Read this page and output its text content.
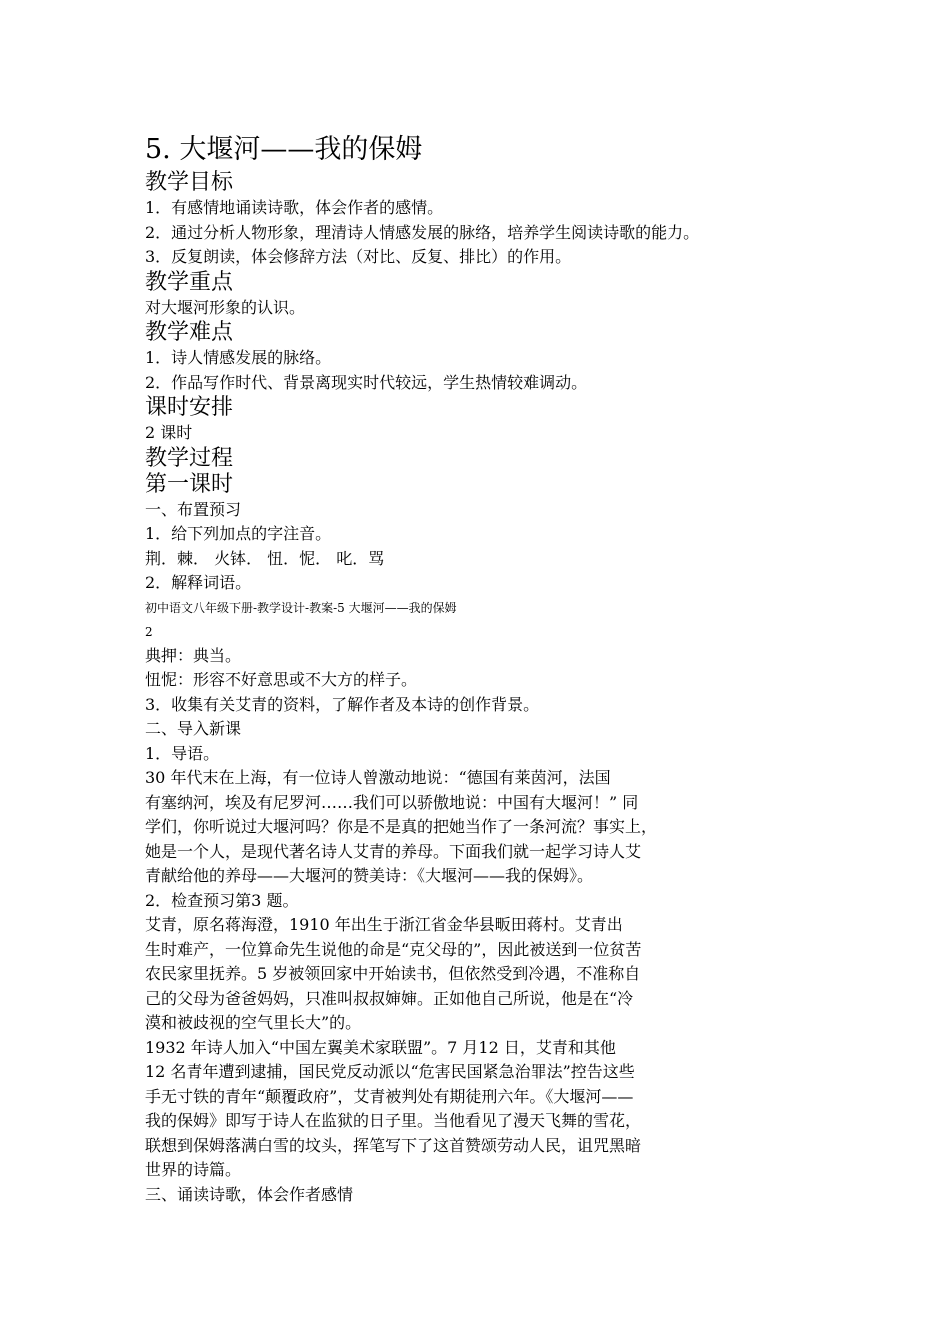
5. 大堰河——我的保姆
教学目标

1．有感情地诵读诗歌，体会作者的感情。

2．通过分析人物形象，理清诗人情感发展的脉络，培养学生阅读诗歌的能力。

3．反复朗读，体会修辞方法（对比、反复、排比）的作用。

教学重点

对大堰河形象的认识。

教学难点

1．诗人情感发展的脉络。

2．作品写作时代、背景离现实时代较远，学生热情较难调动。

课时安排

2 课时

教学过程
第一课时

一、布置预习

1．给下列加点的字注音。

荆．棘． 火钵． 忸．怩． 叱．骂

2．解释词语。

初中语文八年级下册-教学设计-教案-5 大堰河——我的保姆

2

典押：典当。

忸怩：形容不好意思或不大方的样子。

3．收集有关艾青的资料，了解作者及本诗的创作背景。

二、导入新课

1．导语。

30 年代末在上海，有一位诗人曾激动地说：“德国有莱茵河，法国

有塞纳河，埃及有尼罗河……我们可以骄傲地说：中国有大堰河！” 同

学们，你听说过大堰河吗？你是不是真的把她当作了一条河流？事实上，

她是一个人，是现代著名诗人艾青的养母。下面我们就一起学习诗人艾

青献给他的养母——大堰河的赞美诗：《大堰河——我的保姆》。

2．检查预习第3 题。

艾青，原名蒋海澄，1910 年出生于浙江省金华县畈田蒋村。艾青出

生时难产，一位算命先生说他的命是“克父母的”，因此被送到一位贫苦

农民家里抚养。5 岁被领回家中开始读书，但依然受到冷遇，不准称自

己的父母为爸爸妈妈，只准叫叔叔婶婶。正如他自己所说，他是在“冷

漠和被歧视的空气里长大”的。

1932 年诗人加入“中国左翼美术家联盟”。7 月12 日，艾青和其他

12 名青年遭到逮捕，国民党反动派以“危害民国紧急治罪法”控告这些

手无寸铁的青年“颠覆政府”，艾青被判处有期徒刑六年。《大堰河——

我的保姆》即写于诗人在监狱的日子里。当他看见了漫天飞舞的雪花，

联想到保姆落满白雪的坟头，挥笔写下了这首赞颂劳动人民，诅咒黑暗

世界的诗篇。

三、诵读诗歌，体会作者感情
